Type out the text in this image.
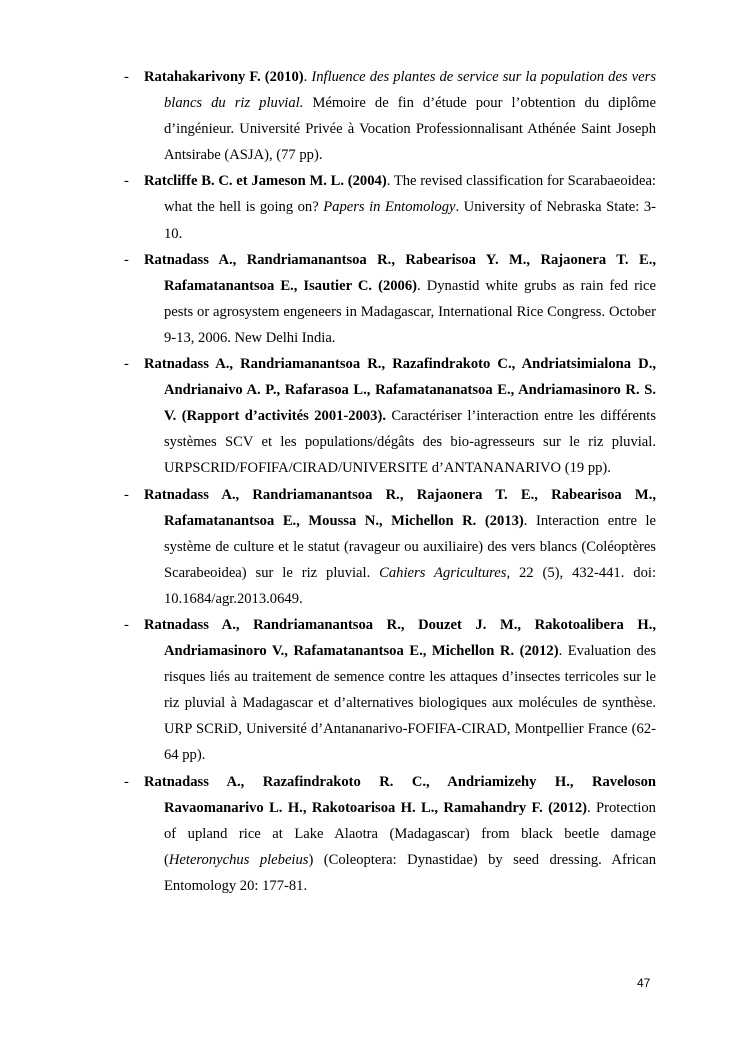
- Ratahakarivony F. (2010). Influence des plantes de service sur la population des vers blancs du riz pluvial. Mémoire de fin d’étude pour l’obtention du diplôme d’ingénieur. Université Privée à Vocation Professionnalisant Athénée Saint Joseph Antsirabe (ASJA), (77 pp).
- Ratcliffe B. C. et Jameson M. L. (2004). The revised classification for Scarabaeoidea: what the hell is going on? Papers in Entomology. University of Nebraska State: 3-10.
- Ratnadass A., Randriamanantsoa R., Rabearisoa Y. M., Rajaonera T. E., Rafamatanantsoa E., Isautier C. (2006). Dynastid white grubs as rain fed rice pests or agrosystem engeneers in Madagascar, International Rice Congress. October 9-13, 2006. New Delhi India.
- Ratnadass A., Randriamanantsoa R., Razafindrakoto C., Andriatsimialona D., Andrianaivo A. P., Rafarasoa L., Rafamatananatsoa E., Andriamasinoro R. S. V. (Rapport d’activités 2001-2003). Caractériser l’interaction entre les différents systèmes SCV et les populations/dégâts des bio-agresseurs sur le riz pluvial. URPSCRID/FOFIFA/CIRAD/UNIVERSITE d’ANTANANARIVO (19 pp).
- Ratnadass A., Randriamanantsoa R., Rajaonera T. E., Rabearisoa M., Rafamatanantsoa E., Moussa N., Michellon R. (2013). Interaction entre le système de culture et le statut (ravageur ou auxiliaire) des vers blancs (Coléoptères Scarabeoidea) sur le riz pluvial. Cahiers Agricultures, 22 (5), 432-441. doi: 10.1684/agr.2013.0649.
- Ratnadass A., Randriamanantsoa R., Douzet J. M., Rakotoalibera H., Andriamasinoro V., Rafamatanantsoa E., Michellon R. (2012). Evaluation des risques liés au traitement de semence contre les attaques d’insectes terricoles sur le riz pluvial à Madagascar et d’alternatives biologiques aux molécules de synthèse. URP SCRiD, Université d’Antananarivo-FOFIFA-CIRAD, Montpellier France (62-64 pp).
- Ratnadass A., Razafindrakoto R. C., Andriamizehy H., Raveloson Ravaomanarivo L. H., Rakotoarisoa H. L., Ramahandry F. (2012). Protection of upland rice at Lake Alaotra (Madagascar) from black beetle damage (Heteronychus plebeius) (Coleoptera: Dynastidae) by seed dressing. African Entomology 20: 177-81.
47
